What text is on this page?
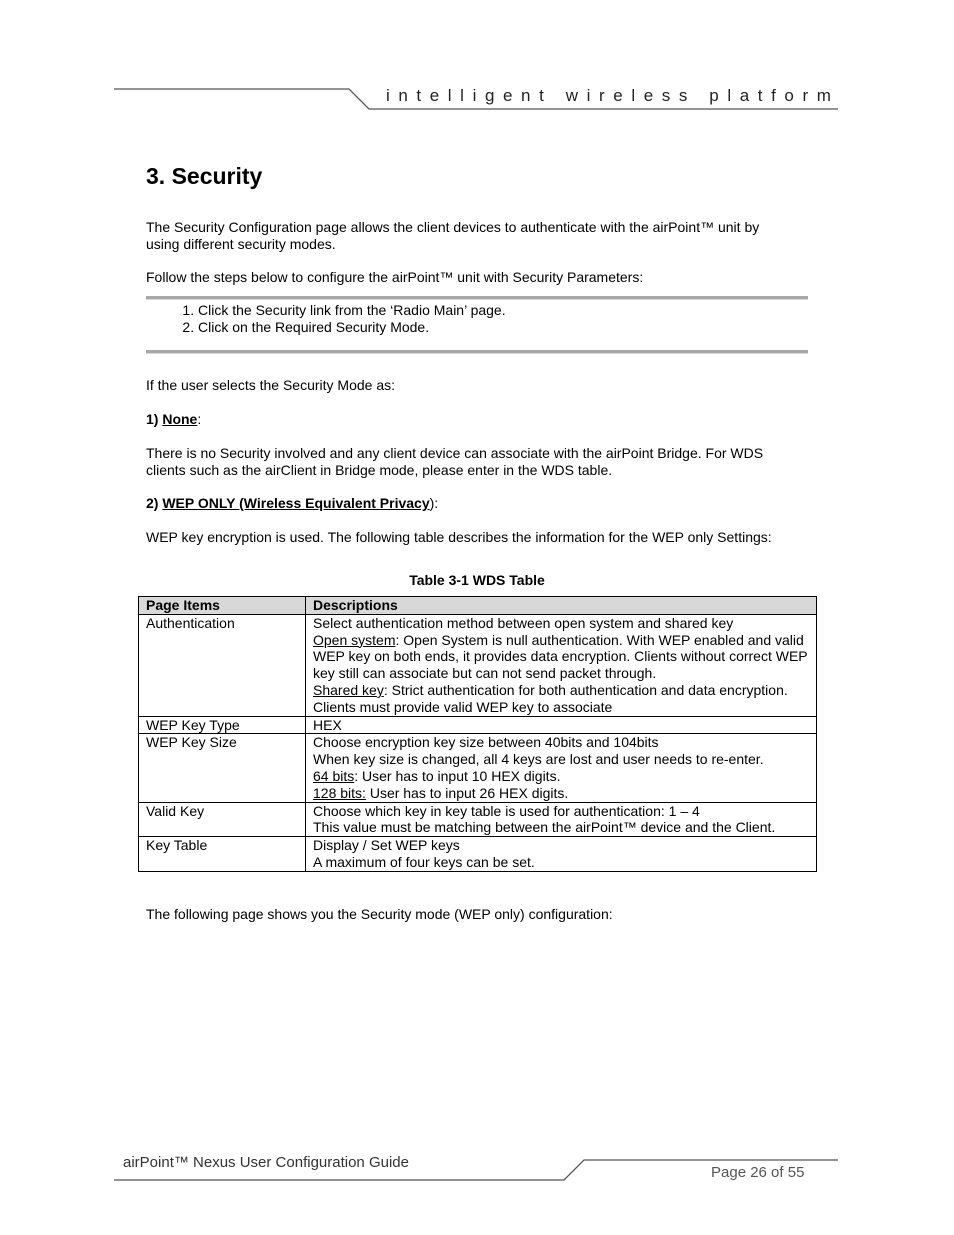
intelligent wireless platform
3. Security
The Security Configuration page allows the client devices to authenticate with the airPoint™ unit by
using different security modes.
Follow the steps below to configure the airPoint™ unit with Security Parameters:
1. Click the Security link from the ‘Radio Main’ page.
2. Click on the Required Security Mode.
If the user selects the Security Mode as:
1) None:
There is no Security involved and any client device can associate with the airPoint Bridge. For WDS
clients such as the airClient in Bridge mode, please enter in the WDS table.
2) WEP ONLY (Wireless Equivalent Privacy):
WEP key encryption is used. The following table describes the information for the WEP only Settings:
Table 3-1 WDS Table
Page Items	Descriptions
Authentication	Select authentication method between open system and shared key
Open system: Open System is null authentication. With WEP enabled and valid WEP key on both ends, it provides data encryption. Clients without correct WEP key still can associate but can not send packet through.
Shared key: Strict authentication for both authentication and data encryption. Clients must provide valid WEP key to associate

WEP Key Type	HEX
WEP Key Size	Choose encryption key size between 40bits and 104bits
When key size is changed, all 4 keys are lost and user needs to re-enter.
64 bits: User has to input 10 HEX digits.
128 bits: User has to input 26 HEX digits.

Valid Key	Choose which key in key table is used for authentication: 1 – 4
This value must be matching between the airPoint™ device and the Client.

Key Table	Display / Set WEP keys
A maximum of four keys can be set.
The following page shows you the Security mode (WEP only) configuration:
airPoint™ Nexus User Configuration Guide
Page 26 of 55
